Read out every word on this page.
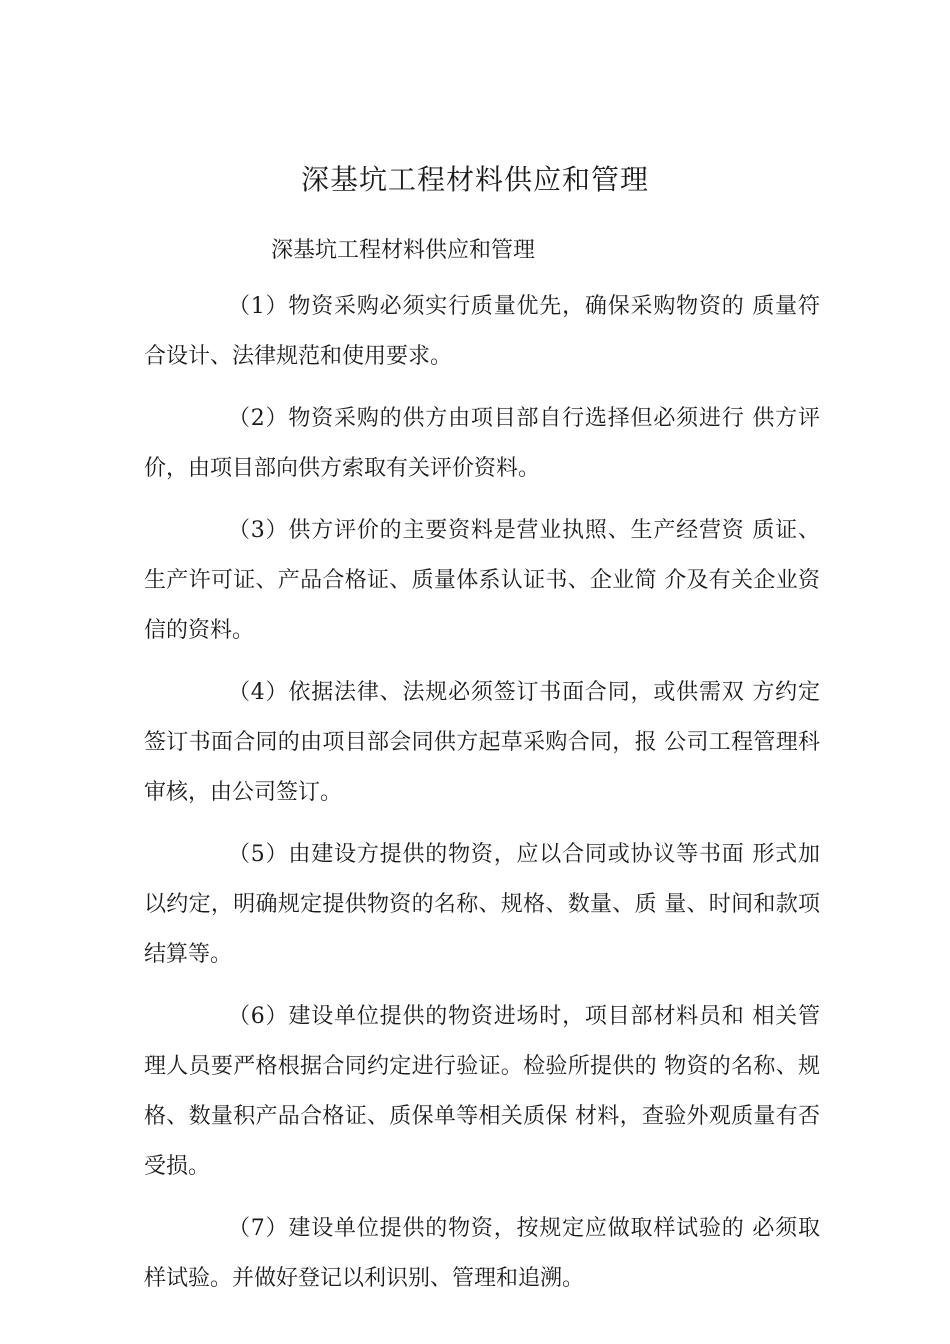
深基坑工程材料供应和管理

深基坑工程材料供应和管理

（1）物资采购必须实行质量优先，确保采购物资的 质量符合设计、法律规范和使用要求。

（2）物资采购的供方由项目部自行选择但必须进行 供方评价，由项目部向供方索取有关评价资料。

（3）供方评价的主要资料是营业执照、生产经营资 质证、生产许可证、产品合格证、质量体系认证书、企业简 介及有关企业资信的资料。

（4）依据法律、法规必须签订书面合同，或供需双 方约定签订书面合同的由项目部会同供方起草采购合同，报 公司工程管理科审核，由公司签订。

（5）由建设方提供的物资，应以合同或协议等书面 形式加以约定，明确规定提供物资的名称、规格、数量、质 量、时间和款项结算等。

（6）建设单位提供的物资进场时，项目部材料员和 相关管理人员要严格根据合同约定进行验证。检验所提供的 物资的名称、规格、数量积产品合格证、质保单等相关质保 材料，查验外观质量有否受损。

（7）建设单位提供的物资，按规定应做取样试验的 必须取样试验。并做好登记以利识别、管理和追溯。
